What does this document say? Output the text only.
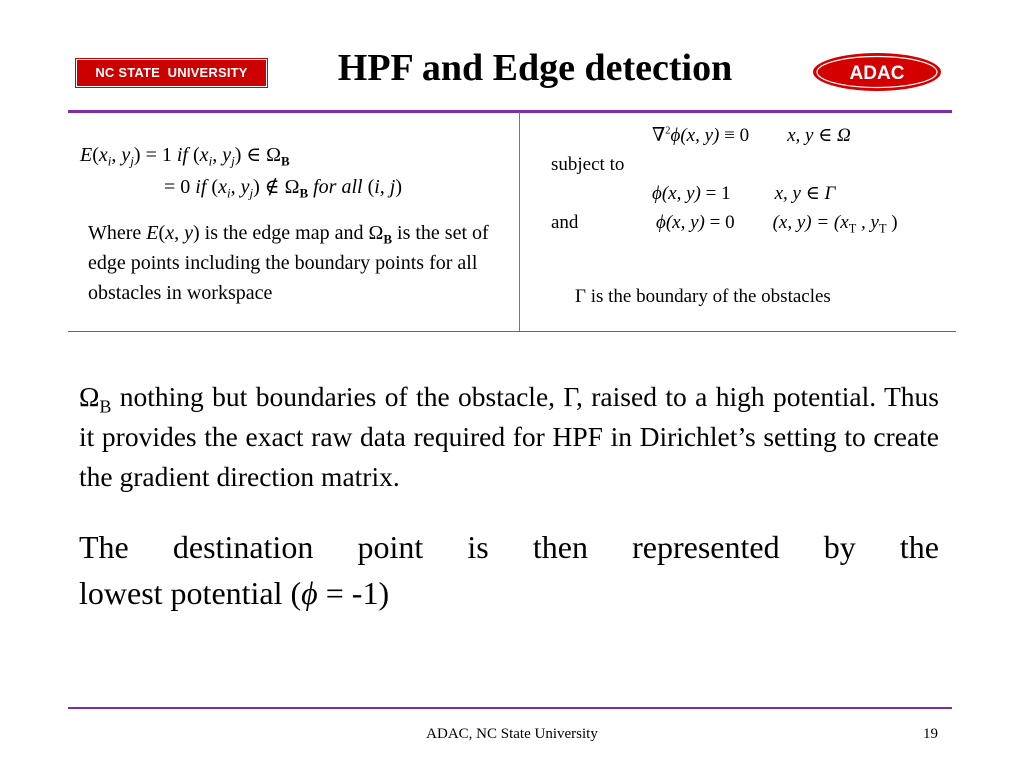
NC STATE  UNIVERSITY	HPF and Edge detection	ADAC
$E(x_i$, $y_j) = 1$ if ($x_i$, $y_j$) ∈ $\Omega_B$
= 0 if ($x_i$, $y_j$) ∉ $\Omega_B$ for all (i, j)
Where E(x, y) is the edge map and $\Omega_B$ is the set of edge points including the boundary points for all obstacles in workspace
∇$^2$ϕ(x, y) ≡ 0 x, y ∈ Ω
subject to
ϕ(x, y) = 1 x, y ∈ Γ
and	ϕ(x, y) = 0 (x, $y) = (x_T$ , $y_T$ )
Γ is the boundary of the obstacles
$\Omega_B$ nothing but boundaries of the obstacle, Γ, raised to a high potential. Thus it provides the exact raw data required for HPF in Dirichlet’s setting to create the gradient direction matrix.
The destination point is then represented by the
lowest potential (ϕ = -1)
ADAC, NC State University	19
